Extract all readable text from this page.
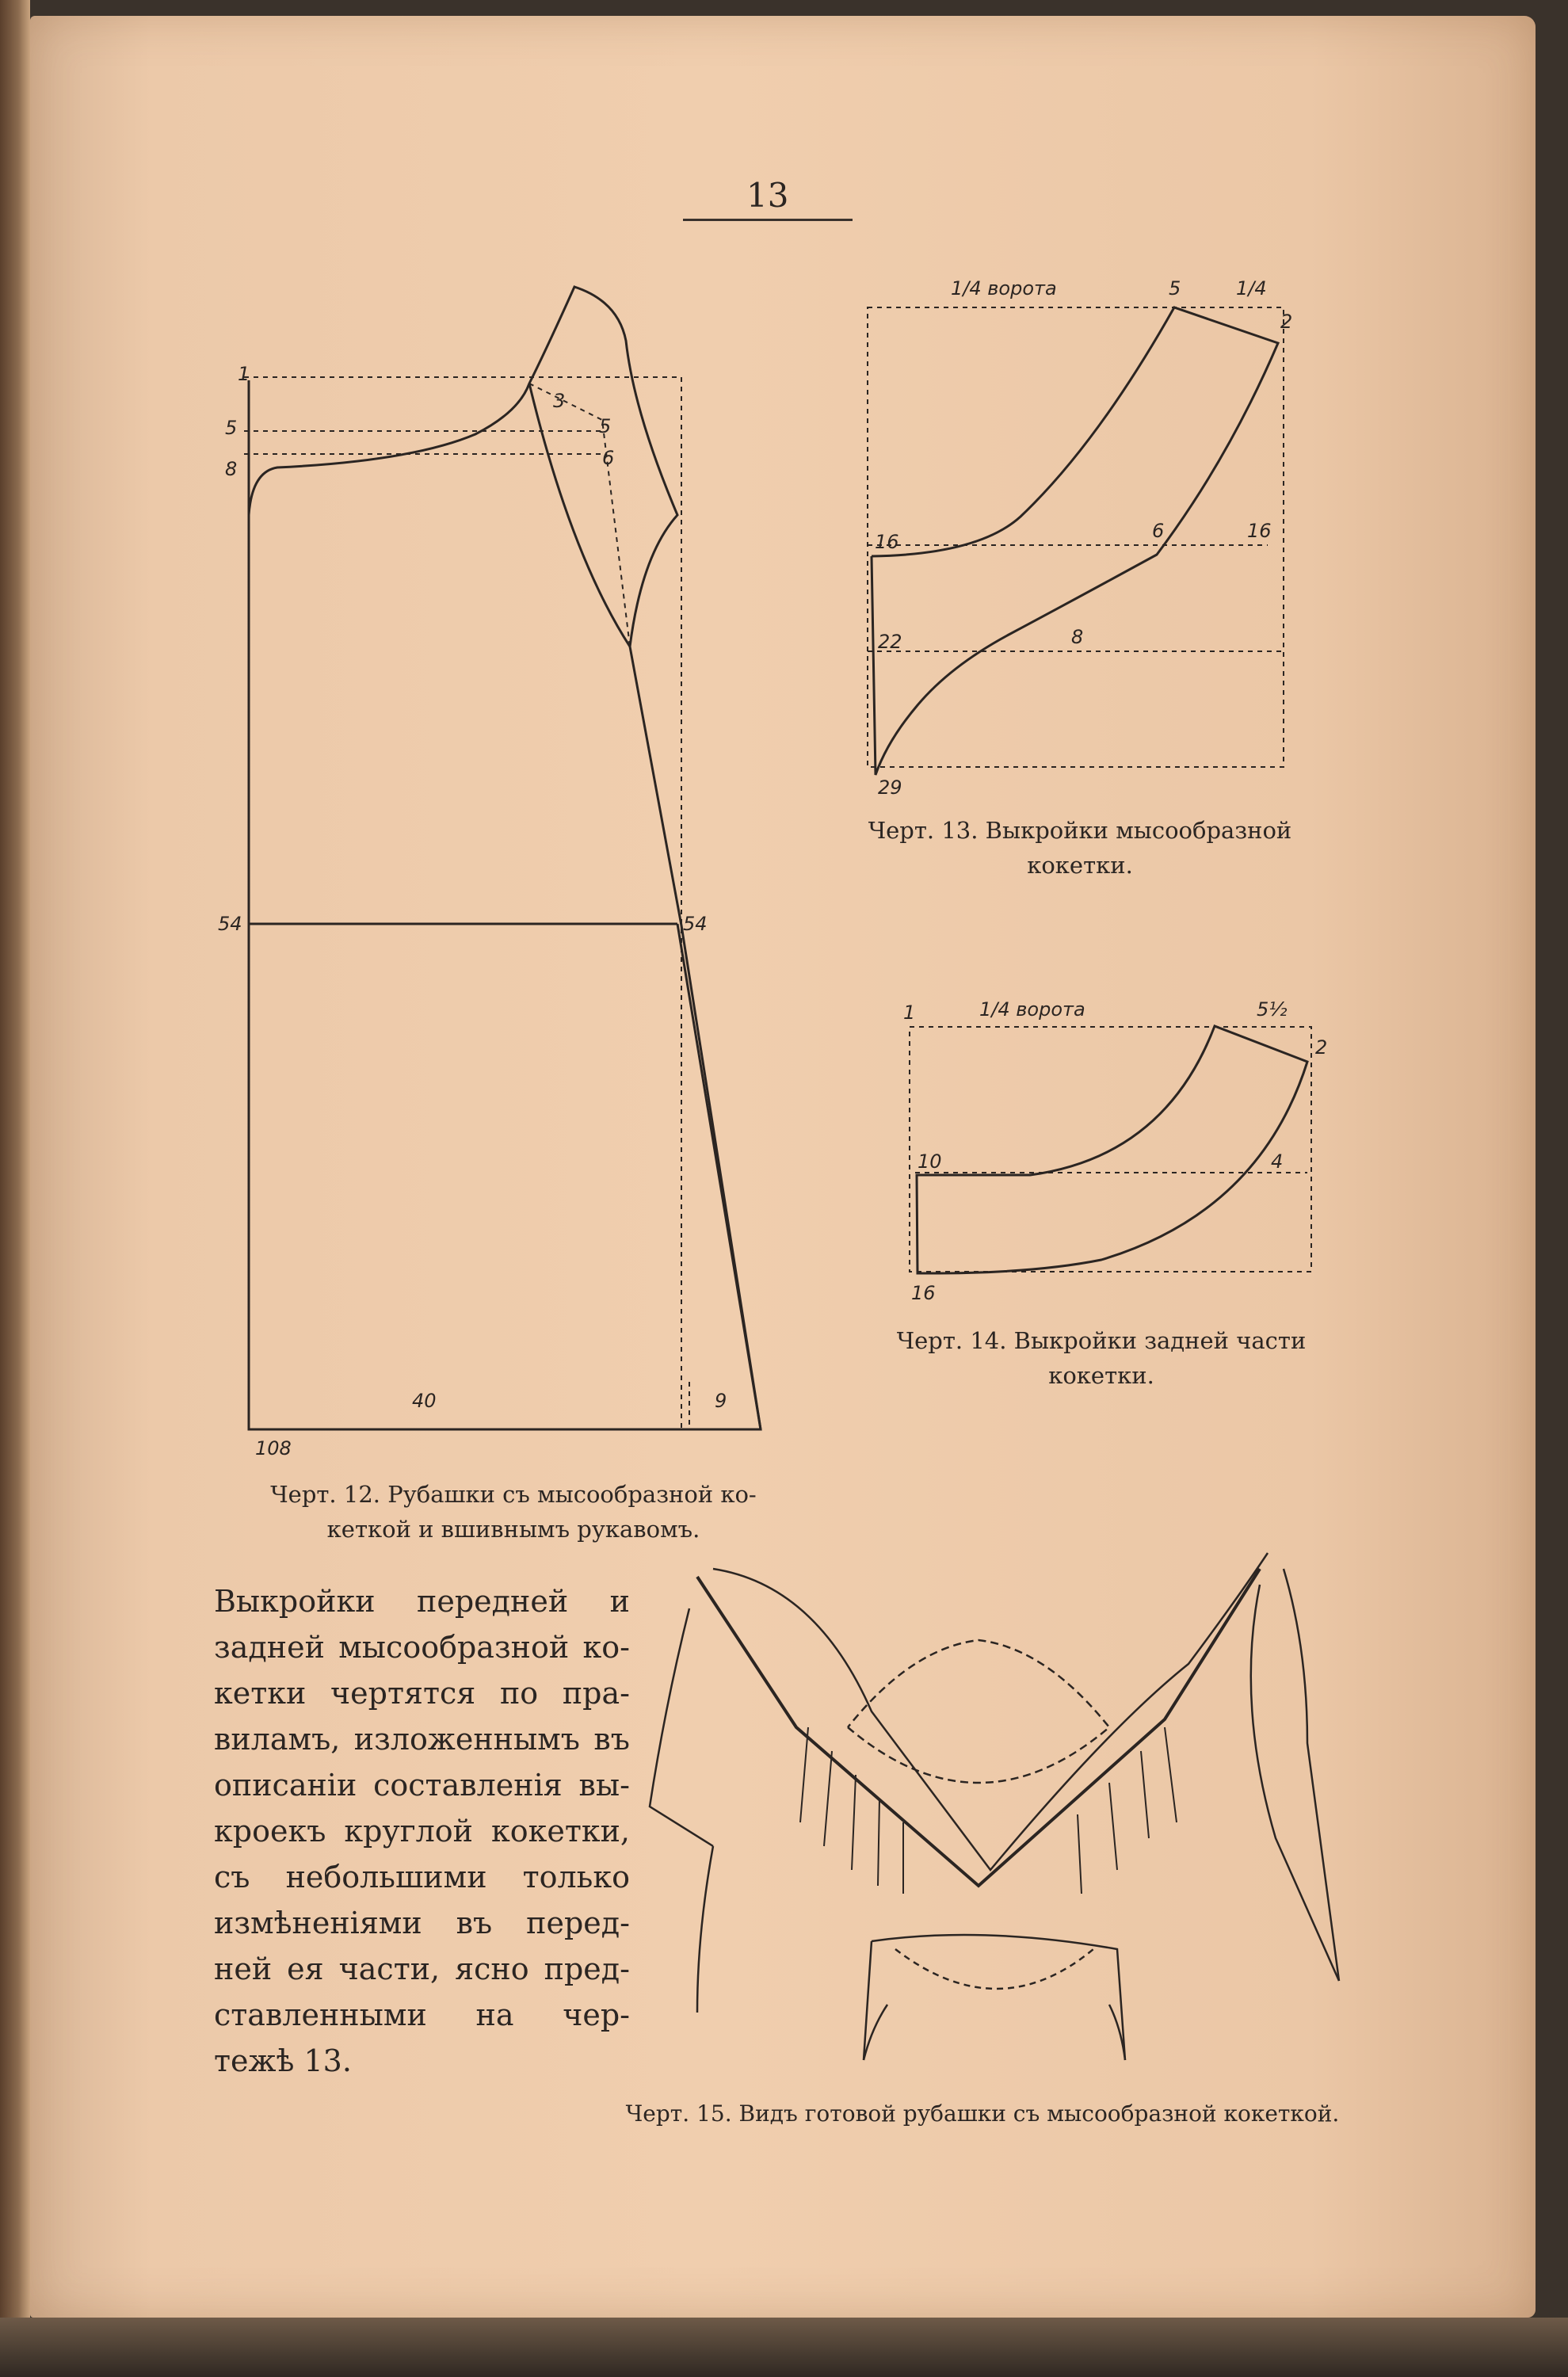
13
1
5
8
3
5
6
54	54
40	9
108
1/4 ворота	5	1/4
2
16	6	16
22	8
29
1	1/4 ворота	5½
2
10	4
16
Черт. 12. Рубашки съ мысообразной ко-
кеткой и вшивнымъ рукавомъ.
Черт. 13. Выкройки мысообразной
кокетки.
Черт. 14. Выкройки задней части
кокетки.
Черт. 15. Видъ готовой рубашки съ мысообразной кокеткой.
Выкройки передней и
задней мысообразной ко-
кетки чертятся по пра-
виламъ, изложеннымъ въ
описаніи составленія вы-
кроекъ круглой кокетки,
съ небольшими только
измѣненіями въ перед-
ней ея части, ясно пред-
ставленными на чер-
тежѣ 13.
